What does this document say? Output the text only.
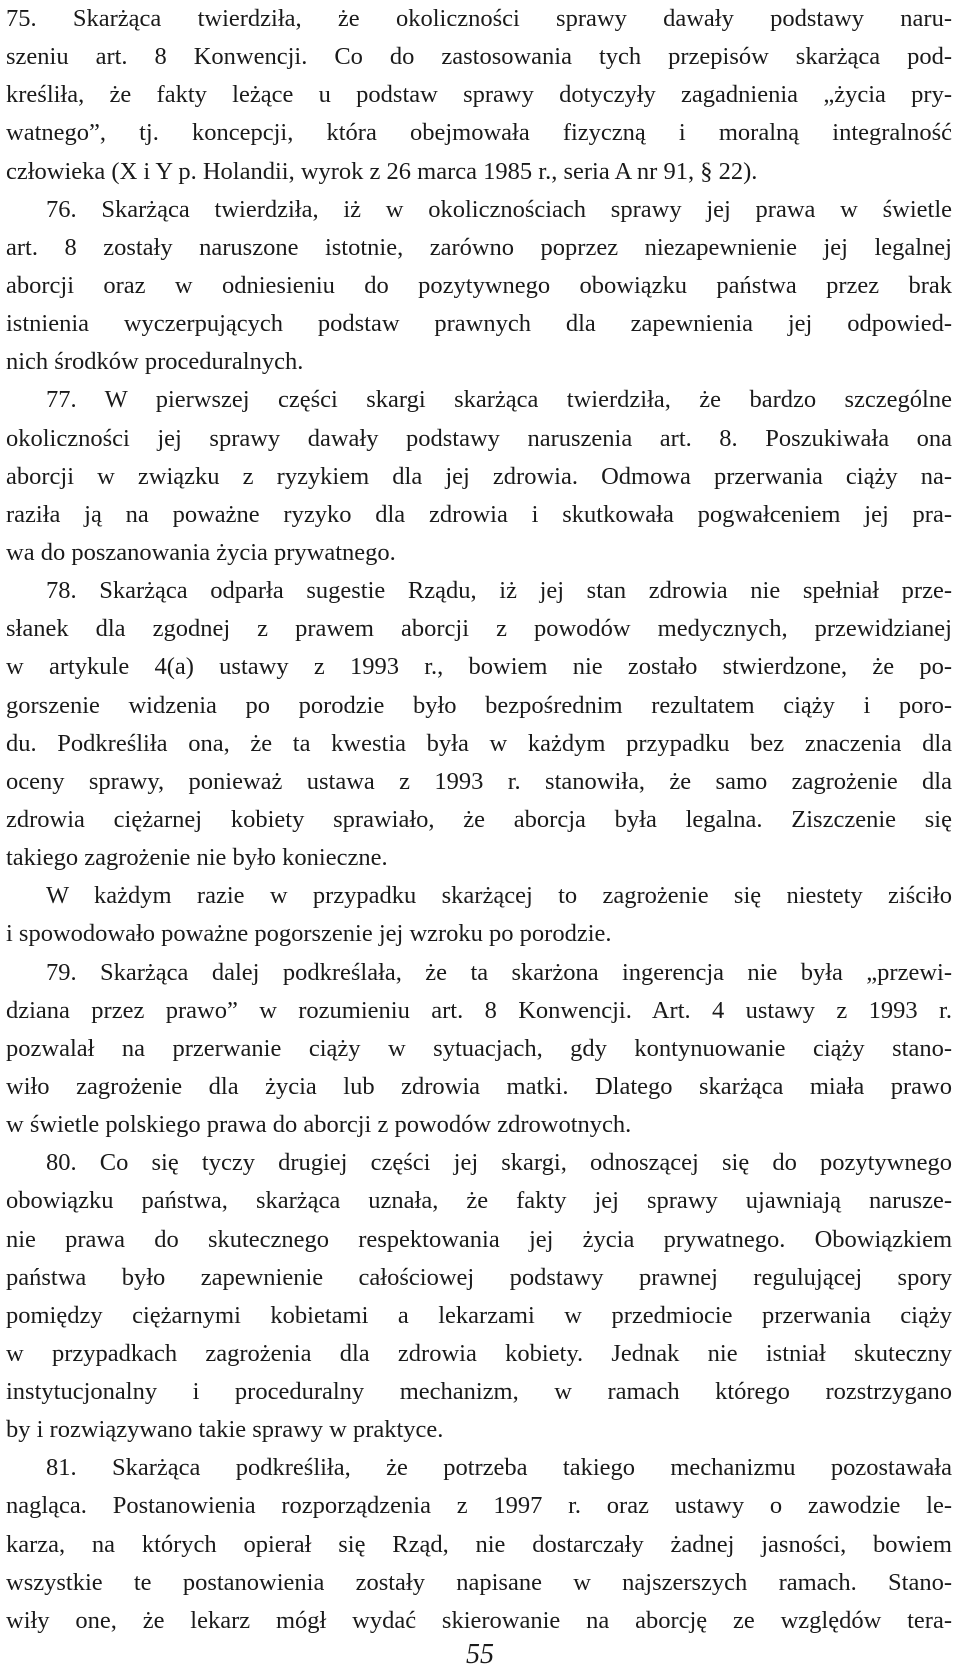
75. Skarżąca twierdziła, że okoliczności sprawy dawały podstawy naru-
szeniu art. 8 Konwencji. Co do zastosowania tych przepisów skarżąca pod-
kreśliła, że fakty leżące u podstaw sprawy dotyczyły zagadnienia „życia pry-
watnego”, tj. koncepcji, która obejmowała fizyczną i moralną integralność
człowieka (X i Y p. Holandii, wyrok z 26 marca 1985 r., seria A nr 91, § 22).
76. Skarżąca twierdziła, iż w okolicznościach sprawy jej prawa w świetle
art. 8 zostały naruszone istotnie, zarówno poprzez niezapewnienie jej legalnej
aborcji oraz w odniesieniu do pozytywnego obowiązku państwa przez brak
istnienia wyczerpujących podstaw prawnych dla zapewnienia jej odpowied-
nich środków proceduralnych.
77. W pierwszej części skargi skarżąca twierdziła, że bardzo szczególne
okoliczności jej sprawy dawały podstawy naruszenia art. 8. Poszukiwała ona
aborcji w związku z ryzykiem dla jej zdrowia. Odmowa przerwania ciąży na-
raziła ją na poważne ryzyko dla zdrowia i skutkowała pogwałceniem jej pra-
wa do poszanowania życia prywatnego.
78. Skarżąca odparła sugestie Rządu, iż jej stan zdrowia nie spełniał prze-
słanek dla zgodnej z prawem aborcji z powodów medycznych, przewidzianej
w artykule 4(a) ustawy z 1993 r., bowiem nie zostało stwierdzone, że po-
gorszenie widzenia po porodzie było bezpośrednim rezultatem ciąży i poro-
du. Podkreśliła ona, że ta kwestia była w każdym przypadku bez znaczenia dla
oceny sprawy, ponieważ ustawa z 1993 r. stanowiła, że samo zagrożenie dla
zdrowia ciężarnej kobiety sprawiało, że aborcja była legalna. Ziszczenie się
takiego zagrożenie nie było konieczne.
W każdym razie w przypadku skarżącej to zagrożenie się niestety ziściło
i spowodowało poważne pogorszenie jej wzroku po porodzie.
79. Skarżąca dalej podkreślała, że ta skarżona ingerencja nie była „przewi-
dziana przez prawo” w rozumieniu art. 8 Konwencji. Art. 4 ustawy z 1993 r.
pozwalał na przerwanie ciąży w sytuacjach, gdy kontynuowanie ciąży stano-
wiło zagrożenie dla życia lub zdrowia matki. Dlatego skarżąca miała prawo
w świetle polskiego prawa do aborcji z powodów zdrowotnych.
80. Co się tyczy drugiej części jej skargi, odnoszącej się do pozytywnego
obowiązku państwa, skarżąca uznała, że fakty jej sprawy ujawniają narusze-
nie prawa do skutecznego respektowania jej życia prywatnego. Obowiązkiem
państwa było zapewnienie całościowej podstawy prawnej regulującej spory
pomiędzy ciężarnymi kobietami a lekarzami w przedmiocie przerwania ciąży
w przypadkach zagrożenia dla zdrowia kobiety. Jednak nie istniał skuteczny
instytucjonalny i proceduralny mechanizm, w ramach którego rozstrzygano
by i rozwiązywano takie sprawy w praktyce.
81. Skarżąca podkreśliła, że potrzeba takiego mechanizmu pozostawała
nagląca. Postanowienia rozporządzenia z 1997 r. oraz ustawy o zawodzie le-
karza, na których opierał się Rząd, nie dostarczały żadnej jasności, bowiem
wszystkie te postanowienia zostały napisane w najszerszych ramach. Stano-
wiły one, że lekarz mógł wydać skierowanie na aborcję ze względów tera-
55
